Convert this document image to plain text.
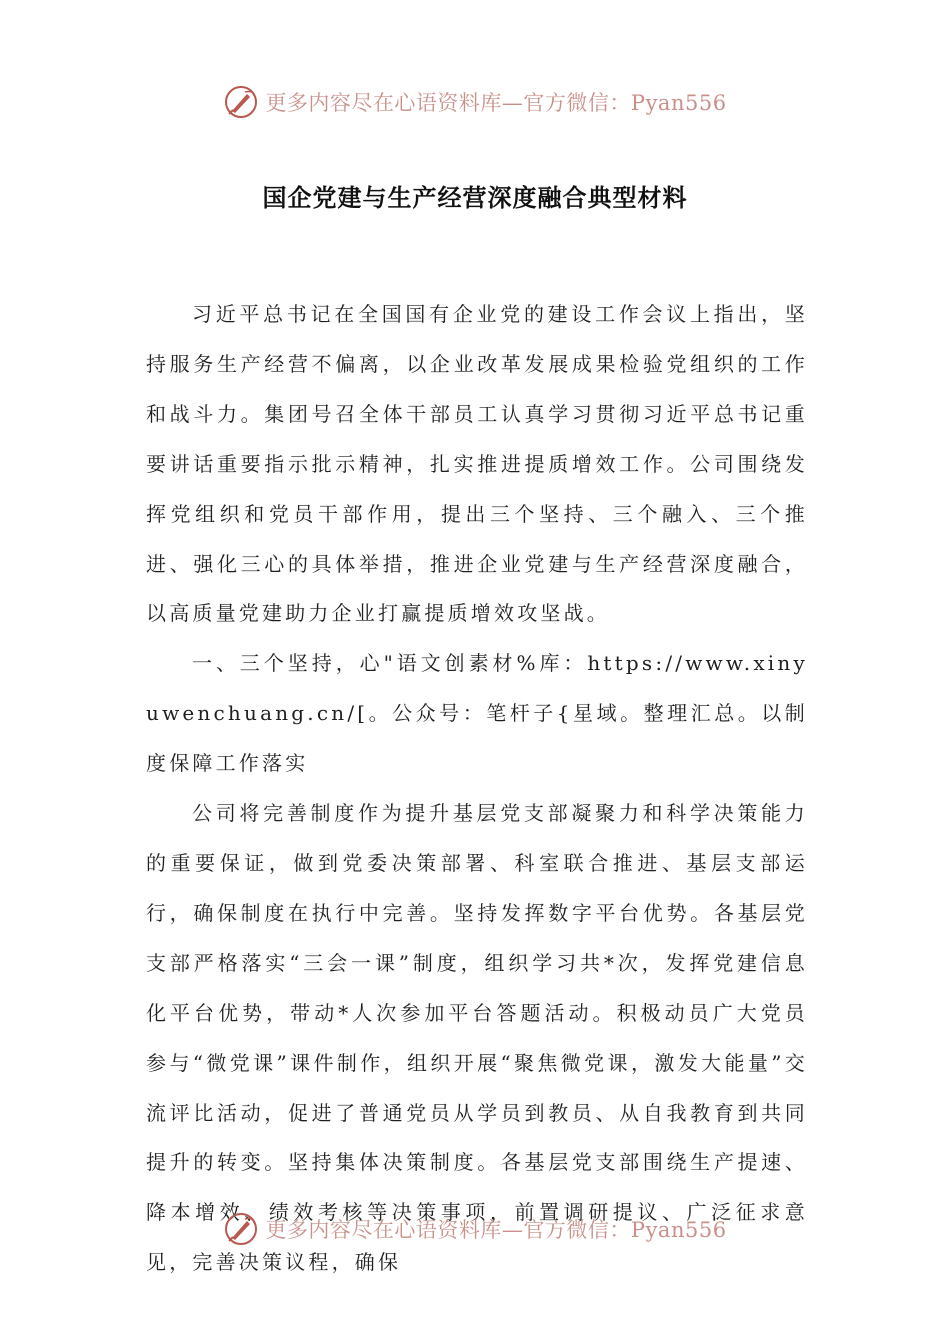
更多内容尽在心语资料库—官方微信：Pyan556
国企党建与生产经营深度融合典型材料

习近平总书记在全国国有企业党的建设工作会议上指出，坚持服务生产经营不偏离，以企业改革发展成果检验党组织的工作和战斗力。集团号召全体干部员工认真学习贯彻习近平总书记重要讲话重要指示批示精神，扎实推进提质增效工作。公司围绕发挥党组织和党员干部作用，提出三个坚持、三个融入、三个推进、强化三心的具体举措，推进企业党建与生产经营深度融合，以高质量党建助力企业打赢提质增效攻坚战。

一、三个坚持，心"语文创素材%库：https://www.xinyuwenchuang.cn/[。公众号：笔杆子{星域。整理汇总。以制度保障工作落实

公司将完善制度作为提升基层党支部凝聚力和科学决策能力的重要保证，做到党委决策部署、科室联合推进、基层支部运行，确保制度在执行中完善。坚持发挥数字平台优势。各基层党支部严格落实“三会一课”制度，组织学习共*次，发挥党建信息化平台优势，带动*人次参加平台答题活动。积极动员广大党员参与“微党课”课件制作，组织开展“聚焦微党课，激发大能量”交流评比活动，促进了普通党员从学员到教员、从自我教育到共同提升的转变。坚持集体决策制度。各基层党支部围绕生产提速、降本增效、绩效考核等决策事项，前置调研提议、广泛征求意见，完善决策议程，确保

更多内容尽在心语资料库—官方微信：Pyan556
